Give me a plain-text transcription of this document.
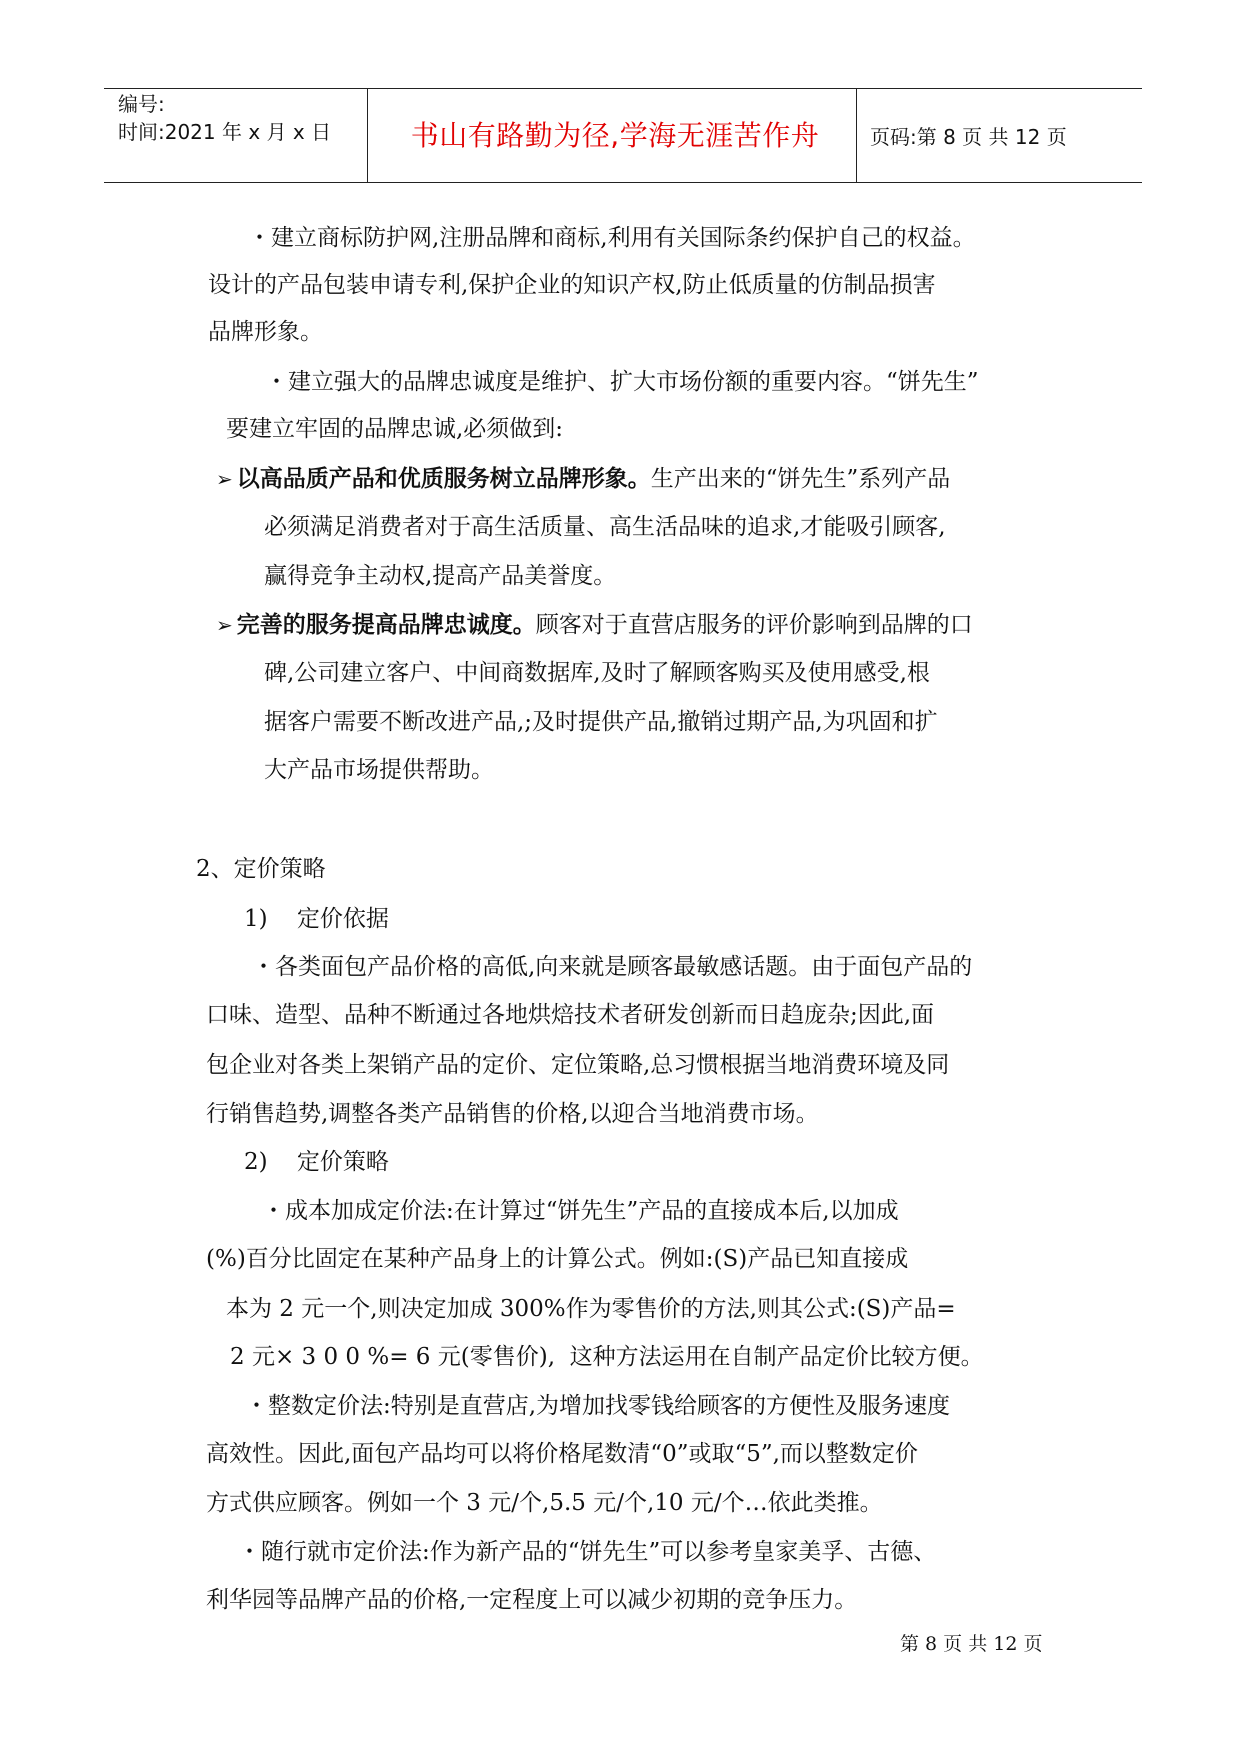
编号:
时间:2021 年 x 月 x 日	书山有路勤为径,学海无涯苦作舟	页码:第 8 页 共 12 页
・建立商标防护网,注册品牌和商标,利用有关国际条约保护自己的权益。
设计的产品包装申请专利,保护企业的知识产权,防止低质量的仿制品损害
品牌形象。
・建立强大的品牌忠诚度是维护、扩大市场份额的重要内容。“饼先生”
要建立牢固的品牌忠诚,必须做到:
➢ 以高品质产品和优质服务树立品牌形象。生产出来的“饼先生”系列产品
必须满足消费者对于高生活质量、高生活品味的追求,才能吸引顾客,
赢得竞争主动权,提高产品美誉度。
➢ 完善的服务提高品牌忠诚度。顾客对于直营店服务的评价影响到品牌的口
碑,公司建立客户、中间商数据库,及时了解顾客购买及使用感受,根
据客户需要不断改进产品,;及时提供产品,撤销过期产品,为巩固和扩
大产品市场提供帮助。
2、定价策略
1)    定价依据
・各类面包产品价格的高低,向来就是顾客最敏感话题。由于面包产品的
口味、造型、品种不断通过各地烘焙技术者研发创新而日趋庞杂;因此,面
包企业对各类上架销产品的定价、定位策略,总习惯根据当地消费环境及同
行销售趋势,调整各类产品销售的价格,以迎合当地消费市场。
2)    定价策略
・成本加成定价法:在计算过“饼先生”产品的直接成本后,以加成
(%)百分比固定在某种产品身上的计算公式。例如:(S)产品已知直接成
本为 2 元一个,则决定加成 300%作为零售价的方法,则其公式:(S)产品=
2 元× 3 0 0 %= 6 元(零售价),  这种方法运用在自制产品定价比较方便。
・整数定价法:特别是直营店,为增加找零钱给顾客的方便性及服务速度
高效性。因此,面包产品均可以将价格尾数清“0”或取“5”,而以整数定价
方式供应顾客。例如一个 3 元/个,5.5 元/个,10 元/个…依此类推。
・随行就市定价法:作为新产品的“饼先生”可以参考皇家美孚、古德、
利华园等品牌产品的价格,一定程度上可以减少初期的竞争压力。
第 8 页 共 12 页
